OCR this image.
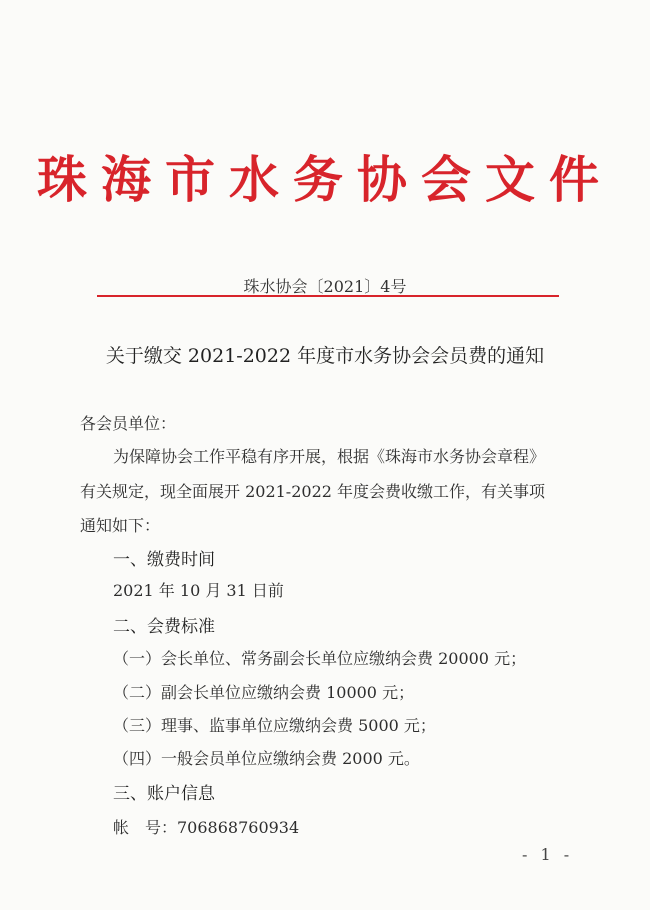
珠海市水务协会文件
珠水协会〔2021〕4号
关于缴交 2021-2022 年度市水务协会会员费的通知
各会员单位：
为保障协会工作平稳有序开展，根据《珠海市水务协会章程》
有关规定，现全面展开 2021-2022 年度会费收缴工作，有关事项
通知如下：
一、缴费时间
2021 年 10 月 31 日前
二、会费标准
（一）会长单位、常务副会长单位应缴纳会费 20000 元；
（二）副会长单位应缴纳会费 10000 元；
（三）理事、监事单位应缴纳会费 5000 元；
（四）一般会员单位应缴纳会费 2000 元。
三、账户信息
帐　号：706868760934
- 1 -
